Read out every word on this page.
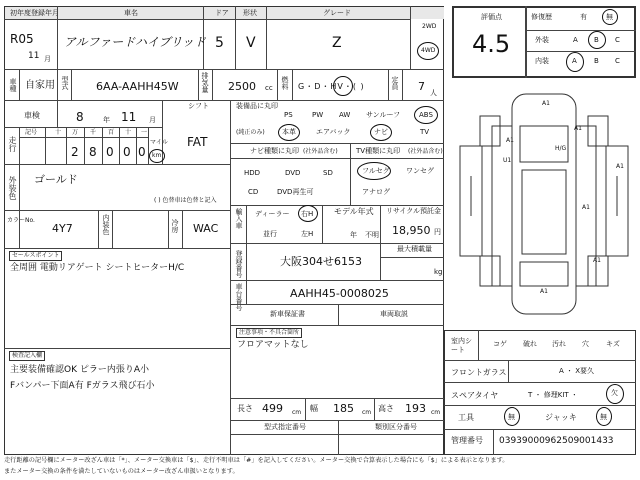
初年度登録年月	車名	ドア 形状	グレード
R05
11 月
アルファードハイブリッド 5 V	Z
2WD
4WD
車種 自家用 型式 6AA-AAHH45W	排気量 2500 cc 燃料 G・D・HV・( )	定員 7 人
車検	8	年 11 月
シフト
FAT
走行
記号	十 万 千 百 十 一
2 8 0 0 0
マイル
km
外装色 ゴールド
( ) 色替車は色替と記入
カラーNo.
4Y7	内装色	冷房 WAC
セールスポイント
全周囲 電動リアゲート シートヒーターH/C
検査記入欄
主要装備確認OK ピラー内張りA小
Fバンパー下面A有 Fガラス飛び石小
装備品に丸印
(純正のみ)
PS	PW AW サンルーフ	ABS
本革	エアバック	ナビ	TV
ナビ種類に丸印 (社外品含む)	TV種類に丸印 (社外品含む)
HDD	DVD	SD
CD	DVD再生可
フルセグ ワンセグ
アナログ
輸入車 ディーラー 右H
並行	左H
モデル年式
年 不明
リサイクル預託金
18,950 円
登録番号	大阪304せ6153
最大積載量
kg
車台番号	AAHH45-0008025
新車保証書	車両取説
注意事項・不具合箇所
フロアマットなし
長さ 499 cm 幅 185 cm 高さ 193 cm
型式指定番号	類別区分番号
評価点
4.5
修復歴	有	無
外装	A B C
内装	A B C
A1
A1
U1
A1
A1
A1
A1
A1
H/G
室内シート
コゲ 破れ 汚れ 穴 キズ
フロントガラス	A ・ X要久
スペアタイヤ	T ・ 修理KIT ・	欠
工具	無	ジャッキ	無
管理番号 03939000962509001433
走行距離の記号欄にメーター改ざん車は「*」、メーター交換車は「$」、走行不明車は「#」を記入してください。メーター交換で合算表示した場合にも「$」による表示となります。
またメーター交換の条件を満たしていないものはメーター改ざん車扱いとなります。
